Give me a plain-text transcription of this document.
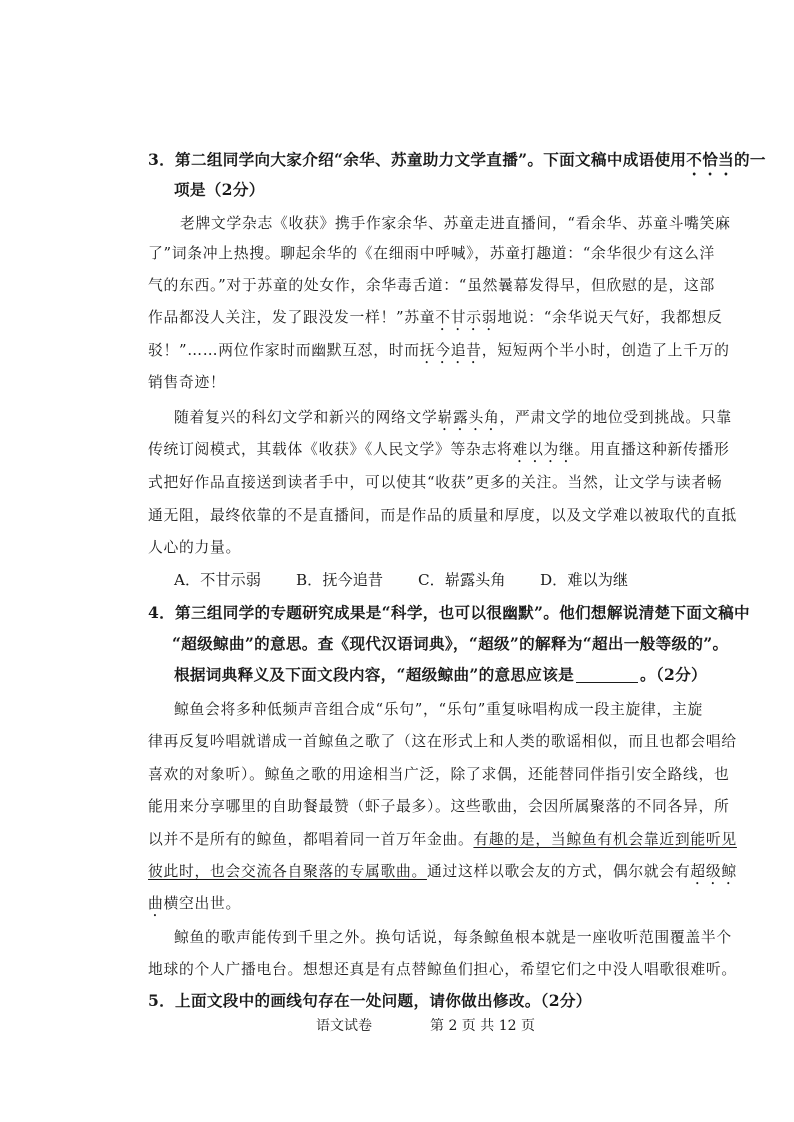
3．第二组同学向大家介绍“余华、苏童助力文学直播”。下面文稿中成语使用不恰当的一
项是（2分）
老牌文学杂志《收获》携手作家余华、苏童走进直播间，“看余华、苏童斗嘴笑麻
了”词条冲上热搜。聊起余华的《在细雨中呼喊》，苏童打趣道：“余华很少有这么洋
气的东西。”对于苏童的处女作，余华毒舌道：“虽然曩幕发得早，但欣慰的是，这部
作品都没人关注，发了跟没发一样！”苏童不甘示弱地说：“余华说天气好，我都想反
驳！”……两位作家时而幽默互怼，时而抚今追昔，短短两个半小时，创造了上千万的
销售奇迹！
随着复兴的科幻文学和新兴的网络文学崭露头角，严肃文学的地位受到挑战。只靠
传统订阅模式，其载体《收获》《人民文学》等杂志将难以为继。用直播这种新传播形
式把好作品直接送到读者手中，可以使其“收获”更多的关注。当然，让文学与读者畅
通无阻，最终依靠的不是直播间，而是作品的质量和厚度，以及文学难以被取代的直抵
人心的力量。
A．不甘示弱 B．抚今追昔 C．崭露头角 D．难以为继
4．第三组同学的专题研究成果是“科学，也可以很幽默”。他们想解说清楚下面文稿中
“超级鲸曲”的意思。查《现代汉语词典》，“超级”的解释为“超出一般等级的”。
根据词典释义及下面文段内容，“超级鲸曲”的意思应该是	。（2分）
鲸鱼会将多种低频声音组合成“乐句”，“乐句”重复咏唱构成一段主旋律，主旋
律再反复吟唱就谱成一首鲸鱼之歌了（这在形式上和人类的歌谣相似，而且也都会唱给
喜欢的对象听）。鲸鱼之歌的用途相当广泛，除了求偶，还能替同伴指引安全路线，也
能用来分享哪里的自助餐最赞（虾子最多）。这些歌曲，会因所属聚落的不同各异，所
以并不是所有的鲸鱼，都唱着同一首万年金曲。有趣的是，当鲸鱼有机会靠近到能听见
彼此时，也会交流各自聚落的专属歌曲。通过这样以歌会友的方式，偶尔就会有超级鲸
曲横空出世。
鲸鱼的歌声能传到千里之外。换句话说，每条鲸鱼根本就是一座收听范围覆盖半个
地球的个人广播电台。想想还真是有点替鲸鱼们担心，希望它们之中没人唱歌很难听。
5．上面文段中的画线句存在一处问题，请你做出修改。（2分）
语文试卷	第 2 页 共 12 页
